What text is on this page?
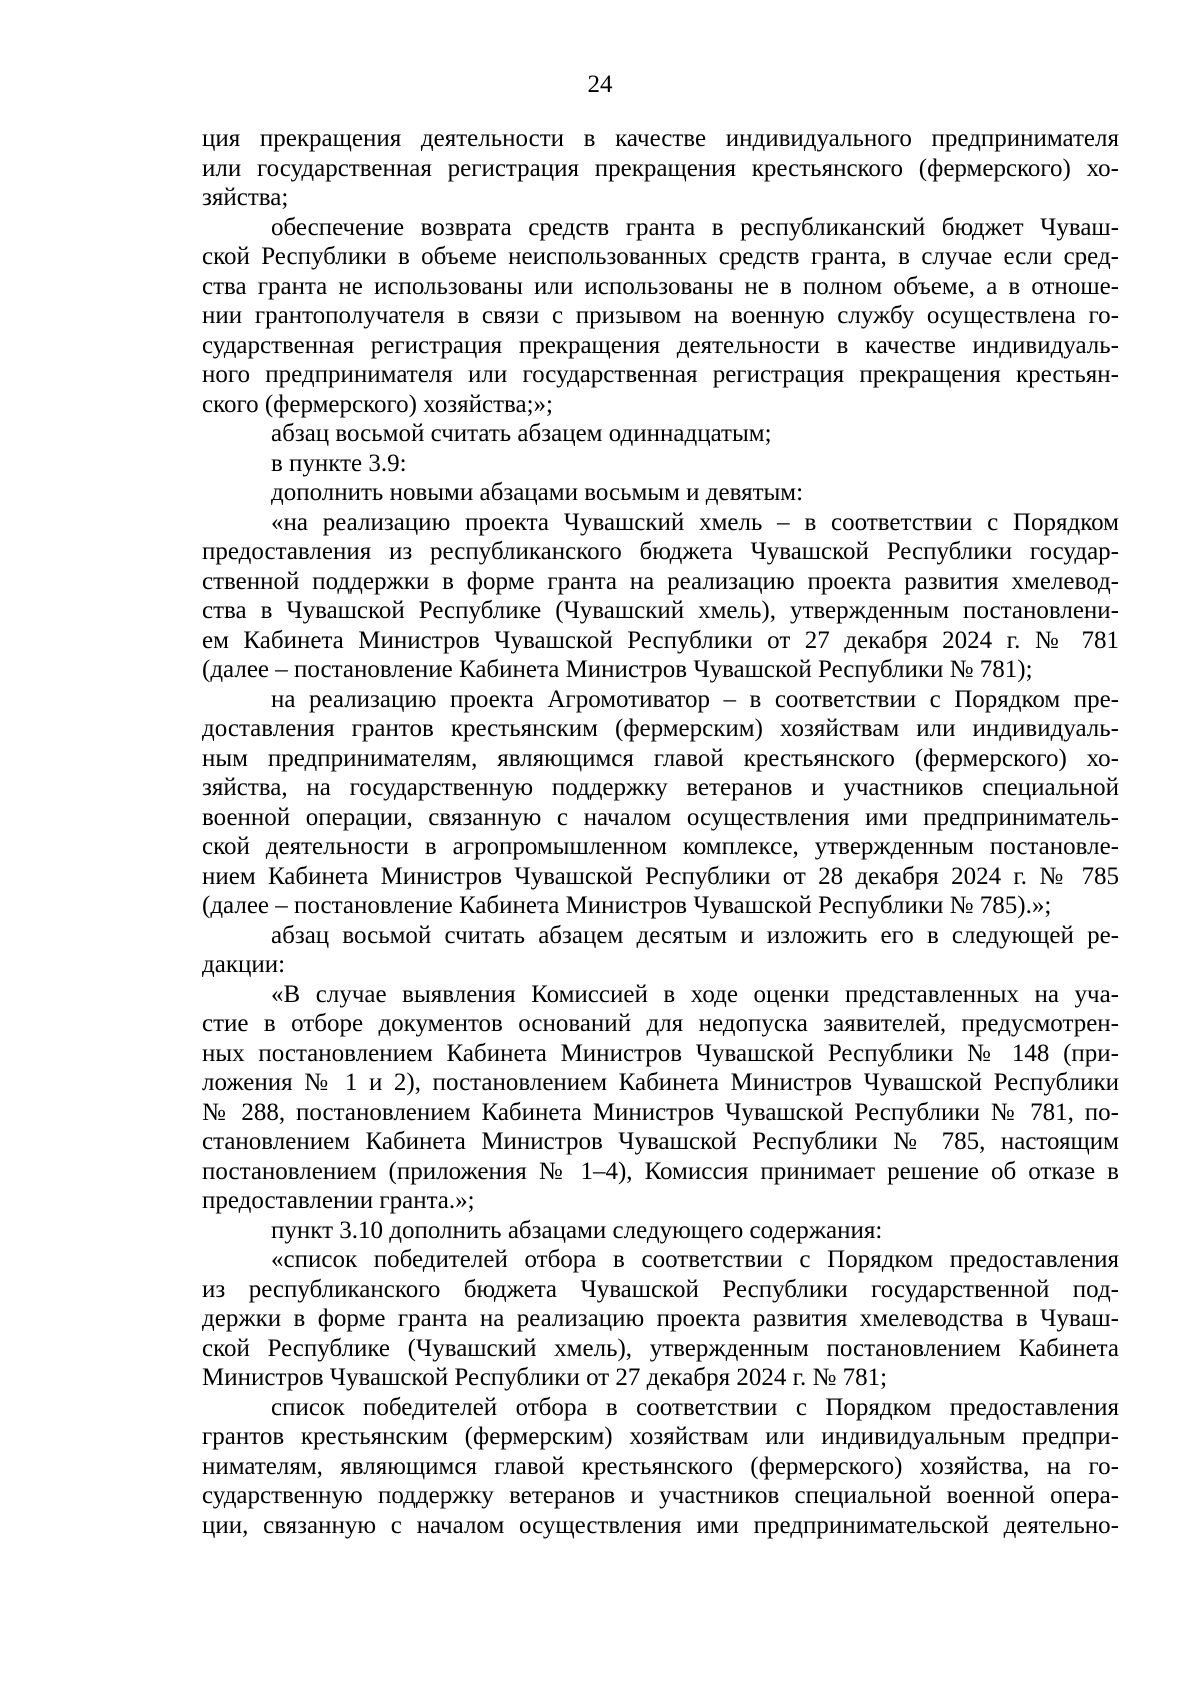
24
ция прекращения деятельности в качестве индивидуального предпринимателя
или государственная регистрация прекращения крестьянского (фермерского) хо-
зяйства;
обеспечение возврата средств гранта в республиканский бюджет Чуваш-
ской Республики в объеме неиспользованных средств гранта, в случае если сред-
ства гранта не использованы или использованы не в полном объеме, а в отноше-
нии грантополучателя в связи с призывом на военную службу осуществлена го-
сударственная регистрация прекращения деятельности в качестве индивидуаль-
ного предпринимателя или государственная регистрация прекращения крестьян-
ского (фермерского) хозяйства;»;
абзац восьмой считать абзацем одиннадцатым;
в пункте 3.9:
дополнить новыми абзацами восьмым и девятым:
«на реализацию проекта Чувашский хмель – в соответствии с Порядком
предоставления из республиканского бюджета Чувашской Республики государ-
ственной поддержки в форме гранта на реализацию проекта развития хмелевод-
ства в Чувашской Республике (Чувашский хмель), утвержденным постановлени-
ем Кабинета Министров Чувашской Республики от 27 декабря 2024 г. № 781
(далее – постановление Кабинета Министров Чувашской Республики № 781);
на реализацию проекта Агромотиватор – в соответствии с Порядком пре-
доставления грантов крестьянским (фермерским) хозяйствам или индивидуаль-
ным предпринимателям, являющимся главой крестьянского (фермерского) хо-
зяйства, на государственную поддержку ветеранов и участников специальной
военной операции, связанную с началом осуществления ими предприниматель-
ской деятельности в агропромышленном комплексе, утвержденным постановле-
нием Кабинета Министров Чувашской Республики от 28 декабря 2024 г. № 785
(далее – постановление Кабинета Министров Чувашской Республики № 785).»;
абзац восьмой считать абзацем десятым и изложить его в следующей ре-
дакции:
«В случае выявления Комиссией в ходе оценки представленных на уча-
стие в отборе документов оснований для недопуска заявителей, предусмотрен-
ных постановлением Кабинета Министров Чувашской Республики № 148 (при-
ложения № 1 и 2), постановлением Кабинета Министров Чувашской Республики
№ 288, постановлением Кабинета Министров Чувашской Республики № 781, по-
становлением Кабинета Министров Чувашской Республики № 785, настоящим
постановлением (приложения № 1–4), Комиссия принимает решение об отказе в
предоставлении гранта.»;
пункт 3.10 дополнить абзацами следующего содержания:
«список победителей отбора в соответствии с Порядком предоставления
из республиканского бюджета Чувашской Республики государственной под-
держки в форме гранта на реализацию проекта развития хмелеводства в Чуваш-
ской Республике (Чувашский хмель), утвержденным постановлением Кабинета
Министров Чувашской Республики от 27 декабря 2024 г. № 781;
список победителей отбора в соответствии с Порядком предоставления
грантов крестьянским (фермерским) хозяйствам или индивидуальным предпри-
нимателям, являющимся главой крестьянского (фермерского) хозяйства, на го-
сударственную поддержку ветеранов и участников специальной военной опера-
ции, связанную с началом осуществления ими предпринимательской деятельно-
